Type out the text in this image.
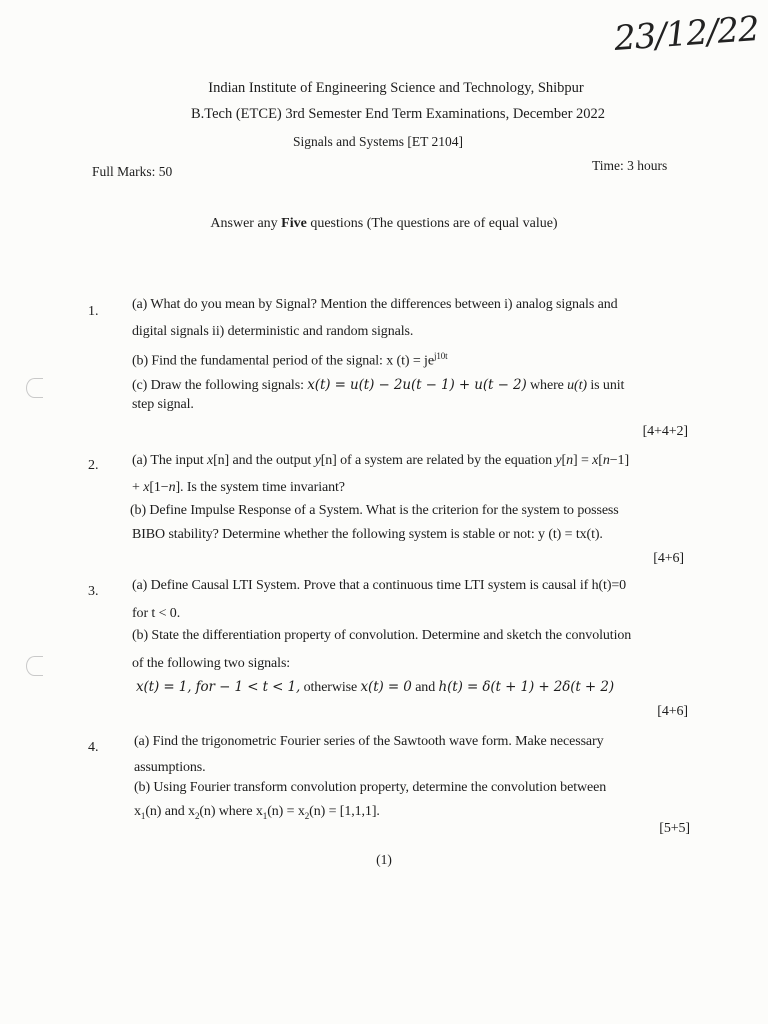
23/12/22
Indian Institute of Engineering Science and Technology, Shibpur
B.Tech (ETCE) 3rd Semester End Term Examinations, December 2022
Signals and Systems [ET 2104]
Full Marks: 50	Time: 3 hours
Answer any Five questions (The questions are of equal value)
1. (a) What do you mean by Signal? Mention the differences between i) analog signals and
digital signals ii) deterministic and random signals.
(b) Find the fundamental period of the signal: x $(t) = je^{j10t}$
(c) Draw the following signals: x(t) = u(t) − 2u(t − 1) + u(t − 2) where u(t) is unit
step signal.
[4+4+2]
2. (a) The input x[n] and the output y[n] of a system are related by the equation y[n] = x[n−1]
+ x[1−n]. Is the system time invariant?
(b) Define Impulse Response of a System. What is the criterion for the system to possess
BIBO stability? Determine whether the following system is stable or not: y (t) = tx(t).
[4+6]
3. (a) Define Causal LTI System. Prove that a continuous time LTI system is causal if h(t)=0
for t < 0.
(b) State the differentiation property of convolution. Determine and sketch the convolution
of the following two signals:
x(t) = 1, for − 1 < t < 1, otherwise x(t) = 0 and h(t) = δ(t + 1) + 2δ(t + 2)
[4+6]
4.	(a) Find the trigonometric Fourier series of the Sawtooth wave form. Make necessary
assumptions.
(b) Using Fourier transform convolution property, determine the convolution between
$x_1(n)$ and $x_2(n)$ where $x_1(n) = x_2(n) = [1,1,1]$.
[5+5]
(1)
